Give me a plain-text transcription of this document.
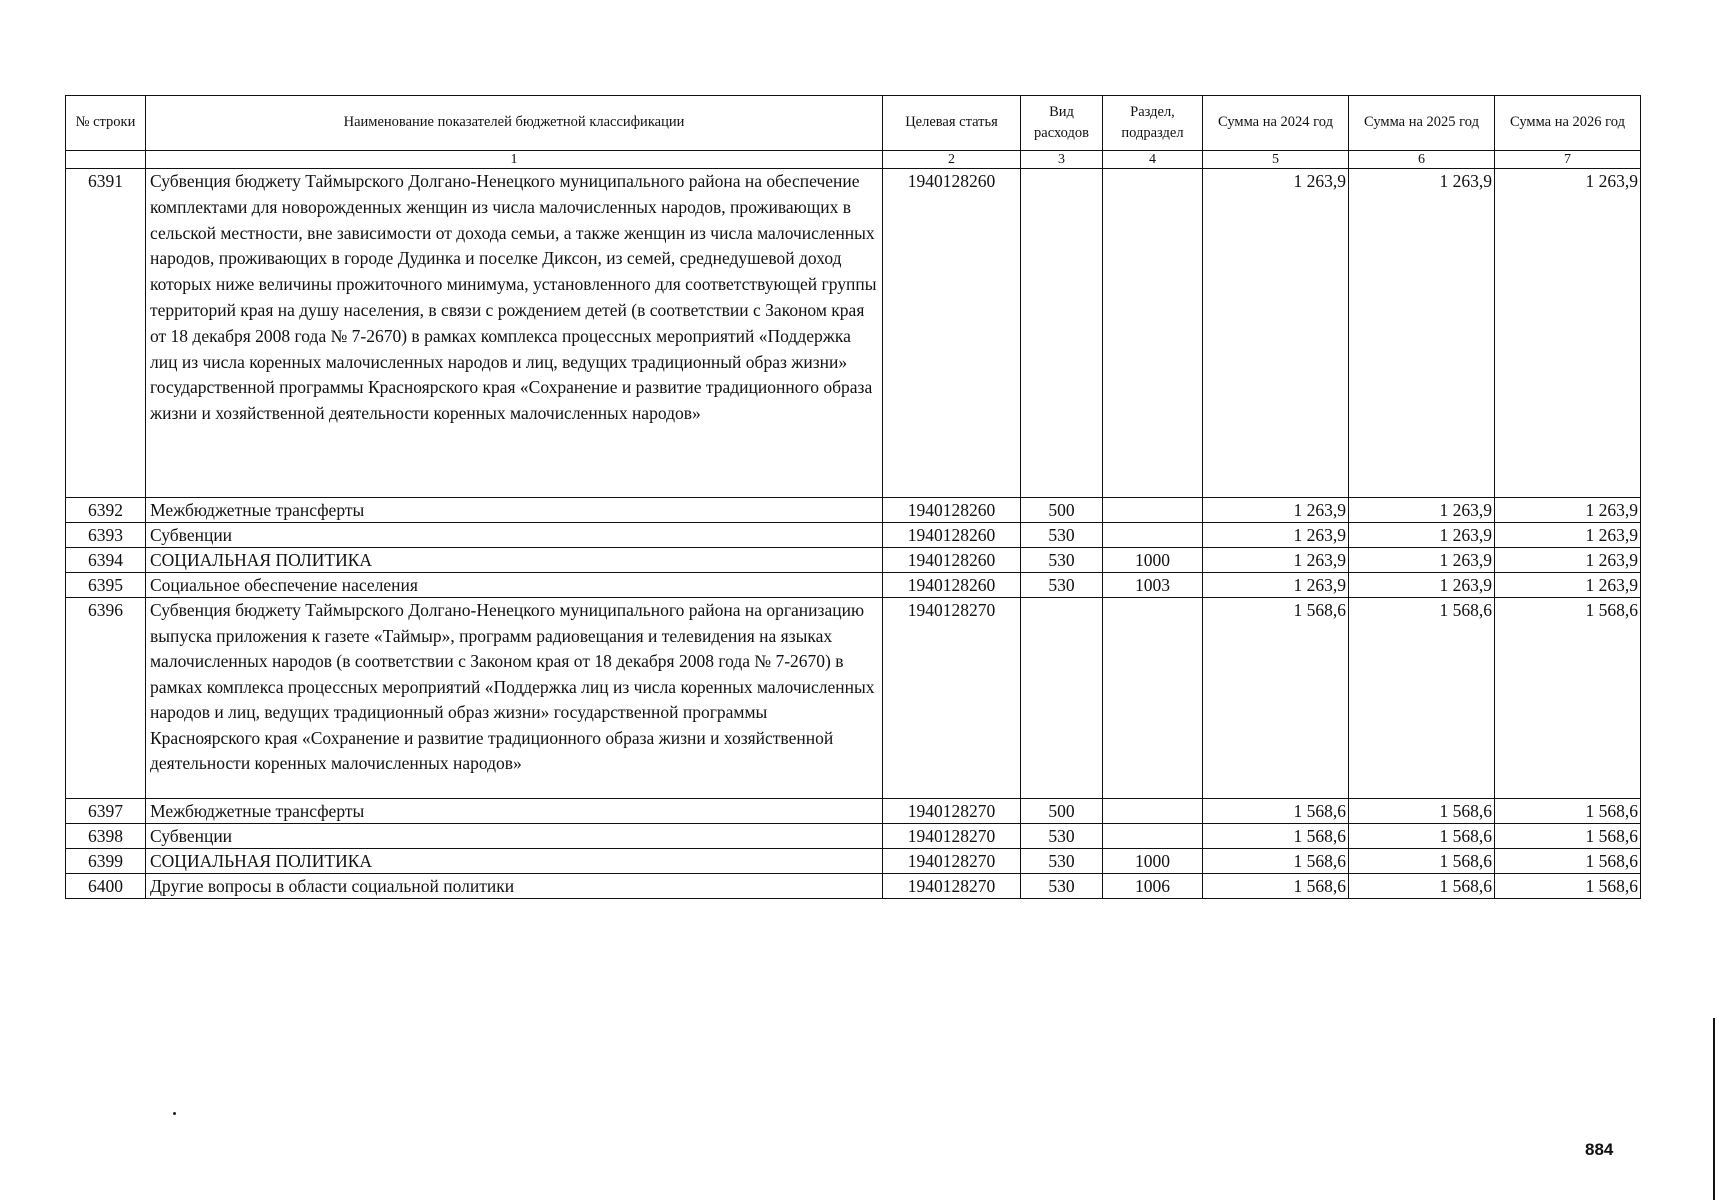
№ строки	Наименование показателей бюджетной классификации	Целевая статья	Вид расходов	Раздел, подраздел	Сумма на 2024 год	Сумма на 2025 год	Сумма на 2026 год
	1	2	3	4	5	6	7
6391	Субвенция бюджету Таймырского Долгано-Ненецкого муниципального района на обеспечение комплектами для новорожденных женщин из числа малочисленных народов, проживающих в сельской местности, вне зависимости от дохода семьи, а также женщин из числа малочисленных народов, проживающих в городе Дудинка и поселке Диксон, из семей, среднедушевой доход которых ниже величины прожиточного минимума, установленного для соответствующей группы территорий края на душу населения, в связи с рождением детей (в соответствии с Законом края от 18 декабря 2008 года № 7-2670) в рамках комплекса процессных мероприятий «Поддержка лиц из числа коренных малочисленных народов и лиц, ведущих традиционный образ жизни» государственной программы Красноярского края «Сохранение и развитие традиционного образа жизни и хозяйственной деятельности коренных малочисленных народов»	1940128260			1 263,9	1 263,9	1 263,9
6392	Межбюджетные трансферты	1940128260	500		1 263,9	1 263,9	1 263,9
6393	Субвенции	1940128260	530		1 263,9	1 263,9	1 263,9
6394	СОЦИАЛЬНАЯ ПОЛИТИКА	1940128260	530	1000	1 263,9	1 263,9	1 263,9
6395	Социальное обеспечение населения	1940128260	530	1003	1 263,9	1 263,9	1 263,9
6396	Субвенция бюджету Таймырского Долгано-Ненецкого муниципального района на организацию выпуска приложения к газете «Таймыр», программ радиовещания и телевидения на языках малочисленных народов (в соответствии с Законом края от 18 декабря 2008 года № 7-2670) в рамках комплекса процессных мероприятий «Поддержка лиц из числа коренных малочисленных народов и лиц, ведущих традиционный образ жизни» государственной программы Красноярского края «Сохранение и развитие традиционного образа жизни и хозяйственной деятельности коренных малочисленных народов»	1940128270			1 568,6	1 568,6	1 568,6
6397	Межбюджетные трансферты	1940128270	500		1 568,6	1 568,6	1 568,6
6398	Субвенции	1940128270	530		1 568,6	1 568,6	1 568,6
6399	СОЦИАЛЬНАЯ ПОЛИТИКА	1940128270	530	1000	1 568,6	1 568,6	1 568,6
6400	Другие вопросы в области социальной политики	1940128270	530	1006	1 568,6	1 568,6	1 568,6
884
